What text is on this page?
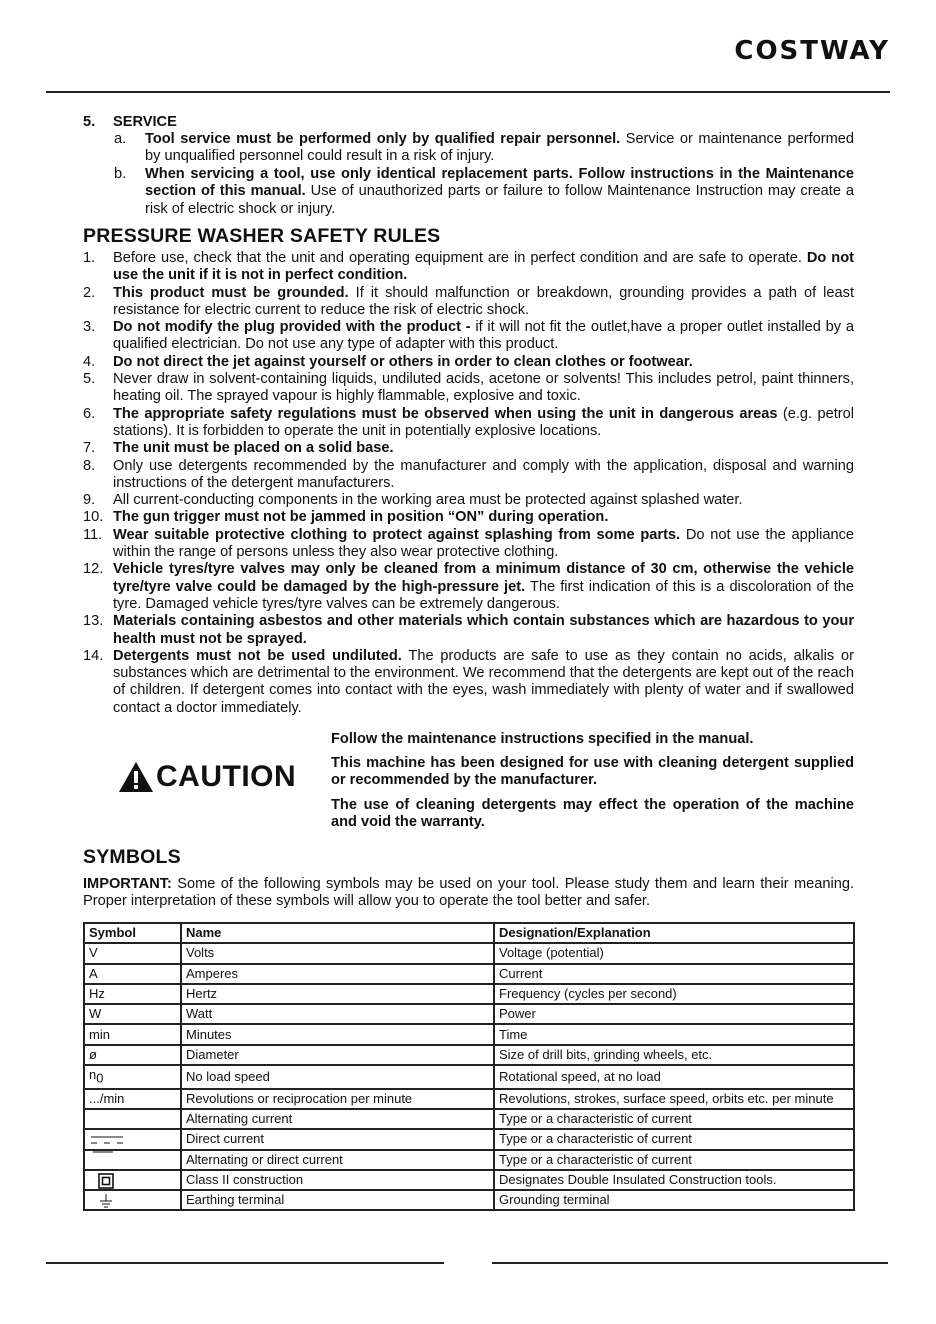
COSTWAY
5. SERVICE
a. Tool service must be performed only by qualified repair personnel. Service or maintenance performed by unqualified personnel could result in a risk of injury.
b. When servicing a tool, use only identical replacement parts. Follow instructions in the Maintenance section of this manual. Use of unauthorized parts or failure to follow Maintenance Instruction may create a risk of electric shock or injury.
PRESSURE WASHER SAFETY RULES
1. Before use, check that the unit and operating equipment are in perfect condition and are safe to operate. Do not use the unit if it is not in perfect condition.
2. This product must be grounded. If it should malfunction or breakdown, grounding provides a path of least resistance for electric current to reduce the risk of electric shock.
3. Do not modify the plug provided with the product - if it will not fit the outlet,have a proper outlet installed by a qualified electrician. Do not use any type of adapter with this product.
4. Do not direct the jet against yourself or others in order to clean clothes or footwear.
5. Never draw in solvent-containing liquids, undiluted acids, acetone or solvents! This includes petrol, paint thinners, heating oil. The sprayed vapour is highly flammable, explosive and toxic.
6. The appropriate safety regulations must be observed when using the unit in dangerous areas (e.g. petrol stations). It is forbidden to operate the unit in potentially explosive locations.
7. The unit must be placed on a solid base.
8. Only use detergents recommended by the manufacturer and comply with the application, disposal and warning instructions of the detergent manufacturers.
9. All current-conducting components in the working area must be protected against splashed water.
10. The gun trigger must not be jammed in position “ON” during operation.
11. Wear suitable protective clothing to protect against splashing from some parts. Do not use the appliance within the range of persons unless they also wear protective clothing.
12. Vehicle tyres/tyre valves may only be cleaned from a minimum distance of 30 cm, otherwise the vehicle tyre/tyre valve could be damaged by the high-pressure jet. The first indication of this is a discoloration of the tyre. Damaged vehicle tyres/tyre valves can be extremely dangerous.
13. Materials containing asbestos and other materials which contain substances which are hazardous to your health must not be sprayed.
14. Detergents must not be used undiluted. The products are safe to use as they contain no acids, alkalis or substances which are detrimental to the environment. We recommend that the detergents are kept out of the reach of children. If detergent comes into contact with the eyes, wash immediately with plenty of water and if swallowed contact a doctor immediately.
CAUTION
Follow the maintenance instructions specified in the manual.
This machine has been designed for use with cleaning detergent supplied or recommended by the manufacturer.
The use of cleaning detergents may effect the operation of the machine and void the warranty.
SYMBOLS
IMPORTANT: Some of the following symbols may be used on your tool. Please study them and learn their meaning. Proper interpretation of these symbols will allow you to operate the tool better and safer.
Symbol	Name	Designation/Explanation
V	Volts	Voltage (potential)
A	Amperes	Current
Hz	Hertz	Frequency (cycles per second)
W	Watt	Power
min	Minutes	Time
ø	Diameter	Size of drill bits, grinding wheels, etc.
$n_0$	No load speed	Rotational speed, at no load
.../min	Revolutions or reciprocation per minute	Revolutions, strokes, surface speed, orbits etc. per minute
	Alternating current	Type or a characteristic of current
	Direct current	Type or a characteristic of current
	Alternating or direct current	Type or a characteristic of current
	Class II construction	Designates Double Insulated Construction tools.
	Earthing terminal	Grounding terminal
